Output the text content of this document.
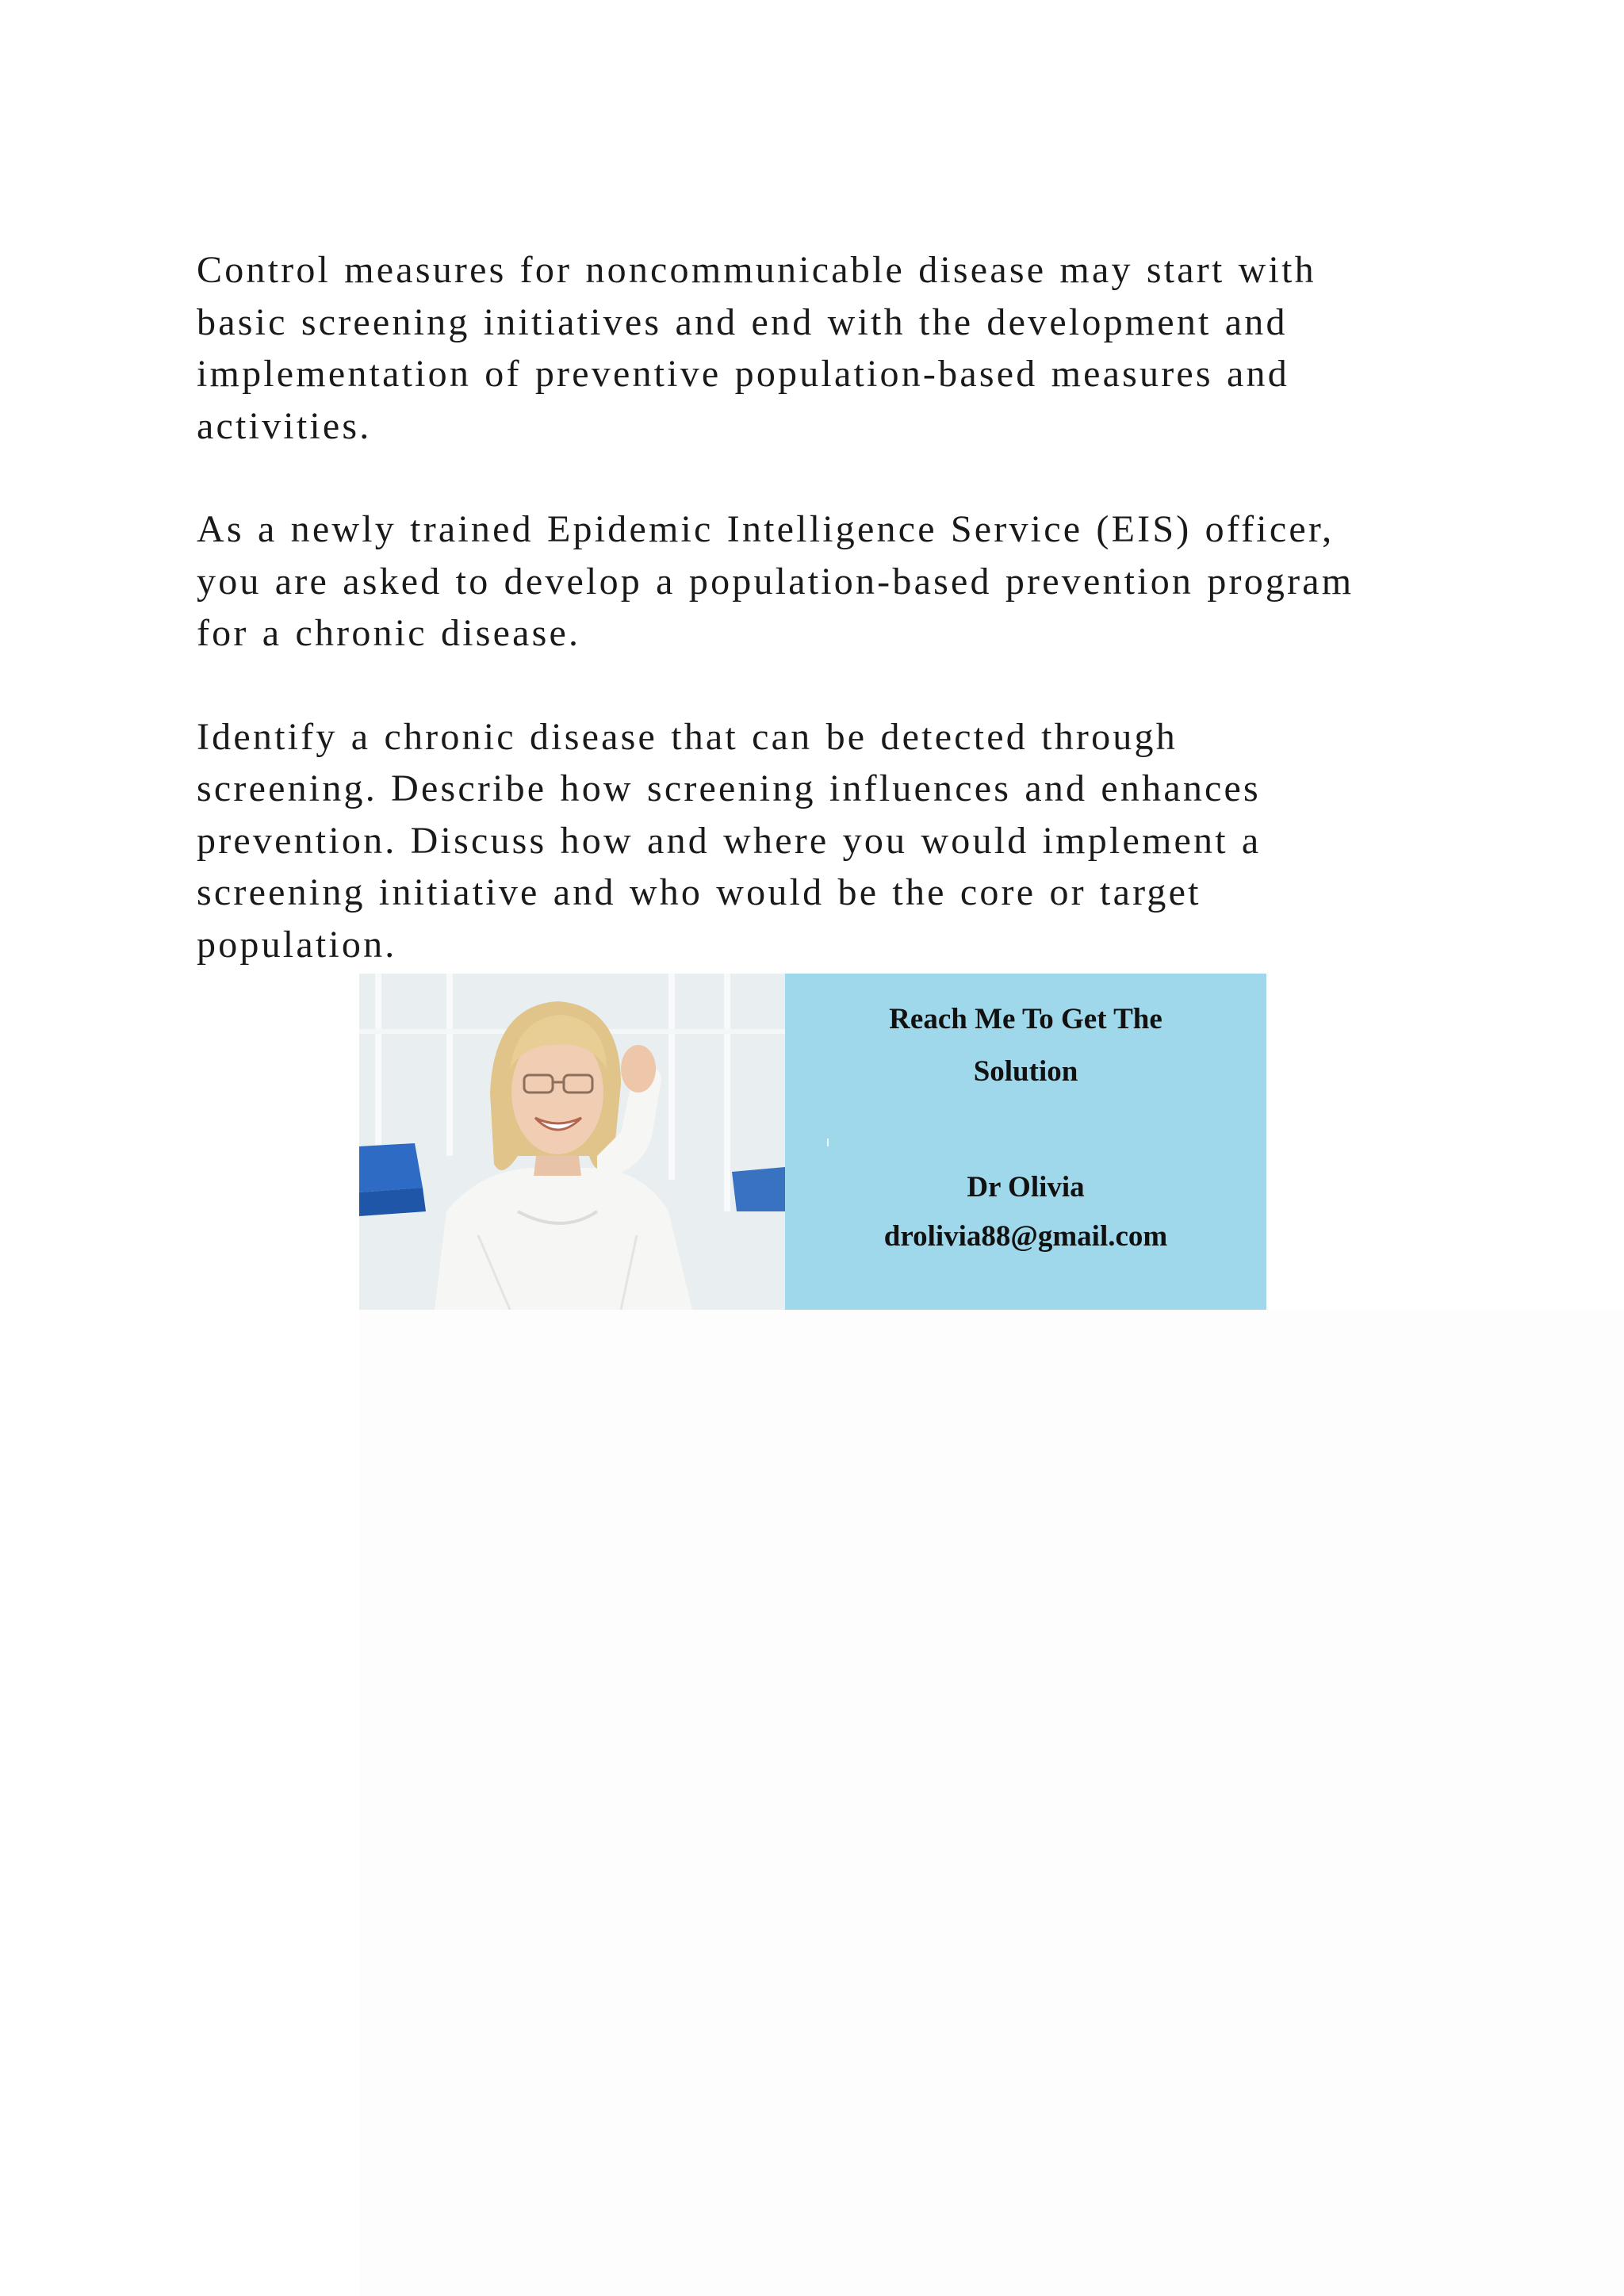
Control measures for noncommunicable disease may start with
basic screening initiatives and end with the development and
implementation of preventive population-based measures and
activities.

As a newly trained Epidemic Intelligence Service (EIS) officer,
you are asked to develop a population-based prevention program
for a chronic disease.

Identify a chronic disease that can be detected through
screening. Describe how screening influences and enhances
prevention. Discuss how and where you would implement a
screening initiative and who would be the core or target
population.

Reach Me To Get The
Solution
Dr Olivia
drolivia88@gmail.com
